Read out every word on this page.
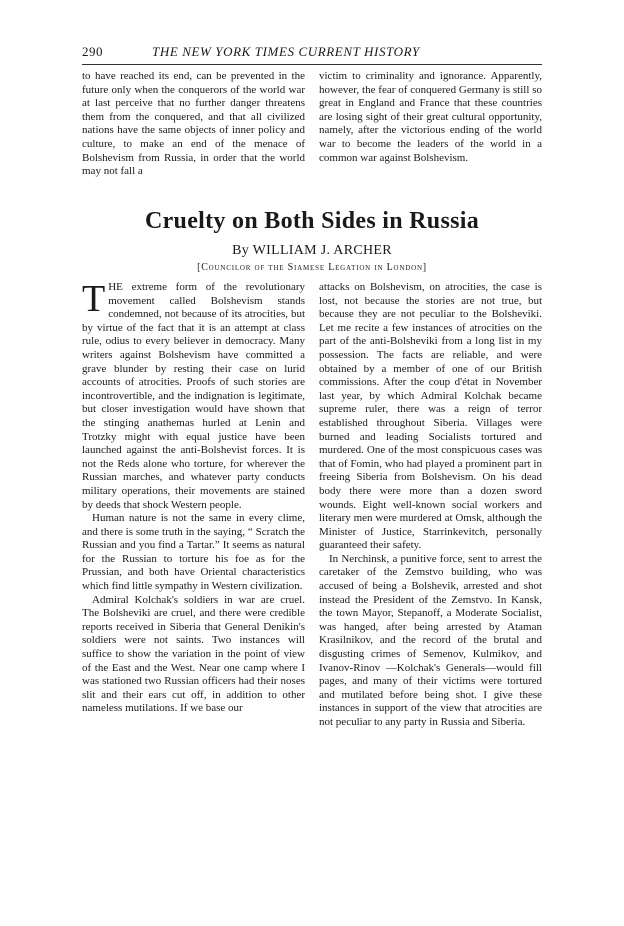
290	THE NEW YORK TIMES CURRENT HISTORY

to have reached its end, can be prevented in the future only when the conquerors of the world war at last perceive that no further danger threatens them from the conquered, and that all civilized nations have the same objects of inner policy and culture, to make an end of the menace of Bolshevism from Russia, in order that the world may not fall a

victim to criminality and ignorance. Apparently, however, the fear of conquered Germany is still so great in England and France that these countries are losing sight of their great cultural opportunity, namely, after the victorious ending of the world war to become the leaders of the world in a common war against Bolshevism.

Cruelty on Both Sides in Russia
By WILLIAM J. ARCHER
[Councilor of the Siamese Legation in London]

THE extreme form of the revolutionary movement called Bolshevism stands condemned, not because of its atrocities, but by virtue of the fact that it is an attempt at class rule, odius to every believer in democracy. Many writers against Bolshevism have committed a grave blunder by resting their case on lurid accounts of atrocities. Proofs of such stories are incontrovertible, and the indignation is legitimate, but closer investigation would have shown that the stinging anathemas hurled at Lenin and Trotzky might with equal justice have been launched against the anti-Bolshevist forces. It is not the Reds alone who torture, for wherever the Russian marches, and whatever party conducts military operations, their movements are stained by deeds that shock Western people.

Human nature is not the same in every clime, and there is some truth in the saying, “ Scratch the Russian and you find a Tartar.” It seems as natural for the Russian to torture his foe as for the Prussian, and both have Oriental characteristics which find little sympathy in Western civilization.

Admiral Kolchak's soldiers in war are cruel. The Bolsheviki are cruel, and there were credible reports received in Siberia that General Denikin's soldiers were not saints. Two instances will suffice to show the variation in the point of view of the East and the West. Near one camp where I was stationed two Russian officers had their noses slit and their ears cut off, in addition to other nameless mutilations. If we base our

attacks on Bolshevism, on atrocities, the case is lost, not because the stories are not true, but because they are not peculiar to the Bolsheviki. Let me recite a few instances of atrocities on the part of the anti-Bolsheviki from a long list in my possession. The facts are reliable, and were obtained by a member of one of our British commissions. After the coup d'état in November last year, by which Admiral Kolchak became supreme ruler, there was a reign of terror established throughout Siberia. Villages were burned and leading Socialists tortured and murdered. One of the most conspicuous cases was that of Fomin, who had played a prominent part in freeing Siberia from Bolshevism. On his dead body there were more than a dozen sword wounds. Eight well-known social workers and literary men were murdered at Omsk, although the Minister of Justice, Starrinkevitch, personally guaranteed their safety.

In Nerchinsk, a punitive force, sent to arrest the caretaker of the Zemstvo building, who was accused of being a Bolshevik, arrested and shot instead the President of the Zemstvo. In Kansk, the town Mayor, Stepanoff, a Moderate Socialist, was hanged, after being arrested by Ataman Krasilnikov, and the record of the brutal and disgusting crimes of Semenov, Kulmikov, and Ivanov-Rinov —Kolchak's Generals—would fill pages, and many of their victims were tortured and mutilated before being shot. I give these instances in support of the view that atrocities are not peculiar to any party in Russia and Siberia.
